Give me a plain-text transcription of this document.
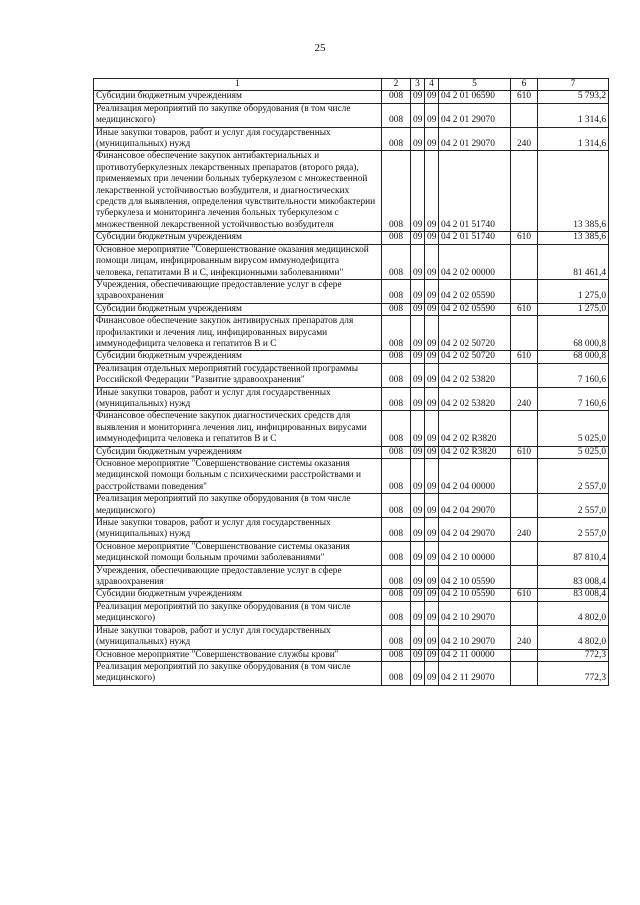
25
1	2	3	4	5	6	7
Субсидии бюджетным учреждениям	008	09	09	04 2 01 06590	610	5 793,2
Реализация мероприятий по закупке оборудования (в том числе медицинского)	008	09	09	04 2 01 29070		1 314,6
Иные закупки товаров, работ и услуг для государственных (муниципальных) нужд	008	09	09	04 2 01 29070	240	1 314,6
Финансовое обеспечение закупок антибактериальных и противотуберкулезных лекарственных препаратов (второго ряда), применяемых при лечении больных туберкулезом с множественной лекарственной устойчивостью возбудителя, и диагностических средств для выявления, определения чувствительности микобактерии туберкулеза и мониторинга лечения больных туберкулезом с множественной лекарственной устойчивостью возбудителя	008	09	09	04 2 01 51740		13 385,6
Субсидии бюджетным учреждениям	008	09	09	04 2 01 51740	610	13 385,6
Основное мероприятие "Совершенствование оказания медицинской помощи лицам, инфицированным вирусом иммунодефицита человека, гепатитами B и C, инфекционными заболеваниями"	008	09	09	04 2 02 00000		81 461,4
Учреждения, обеспечивающие предоставление услуг в сфере здравоохранения	008	09	09	04 2 02 05590		1 275,0
Субсидии бюджетным учреждениям	008	09	09	04 2 02 05590	610	1 275,0
Финансовое обеспечение закупок антивирусных препаратов для профилактики и лечения лиц, инфицированных вирусами иммунодефицита человека и гепатитов B и C	008	09	09	04 2 02 50720		68 000,8
Субсидии бюджетным учреждениям	008	09	09	04 2 02 50720	610	68 000,8
Реализация отдельных мероприятий государственной программы Российской Федерации "Развитие здравоохранения"	008	09	09	04 2 02 53820		7 160,6
Иные закупки товаров, работ и услуг для государственных (муниципальных) нужд	008	09	09	04 2 02 53820	240	7 160,6
Финансовое обеспечение закупок диагностических средств для выявления и мониторинга лечения лиц, инфицированных вирусами иммунодефицита человека и гепатитов B и C	008	09	09	04 2 02 R3820		5 025,0
Субсидии бюджетным учреждениям	008	09	09	04 2 02 R3820	610	5 025,0
Основное мероприятие "Совершенствование системы оказания медицинской помощи больным с психическими расстройствами и расстройствами поведения"	008	09	09	04 2 04 00000		2 557,0
Реализация мероприятий по закупке оборудования (в том числе медицинского)	008	09	09	04 2 04 29070		2 557,0
Иные закупки товаров, работ и услуг для государственных (муниципальных) нужд	008	09	09	04 2 04 29070	240	2 557,0
Основное мероприятие "Совершенствование системы оказания медицинской помощи больным прочими заболеваниями"	008	09	09	04 2 10 00000		87 810,4
Учреждения, обеспечивающие предоставление услуг в сфере здравоохранения	008	09	09	04 2 10 05590		83 008,4
Субсидии бюджетным учреждениям	008	09	09	04 2 10 05590	610	83 008,4
Реализация мероприятий по закупке оборудования (в том числе медицинского)	008	09	09	04 2 10 29070		4 802,0
Иные закупки товаров, работ и услуг для государственных (муниципальных) нужд	008	09	09	04 2 10 29070	240	4 802,0
Основное мероприятие "Совершенствование службы крови"	008	09	09	04 2 11 00000		772,3
Реализация мероприятий по закупке оборудования (в том числе медицинского)	008	09	09	04 2 11 29070		772,3
